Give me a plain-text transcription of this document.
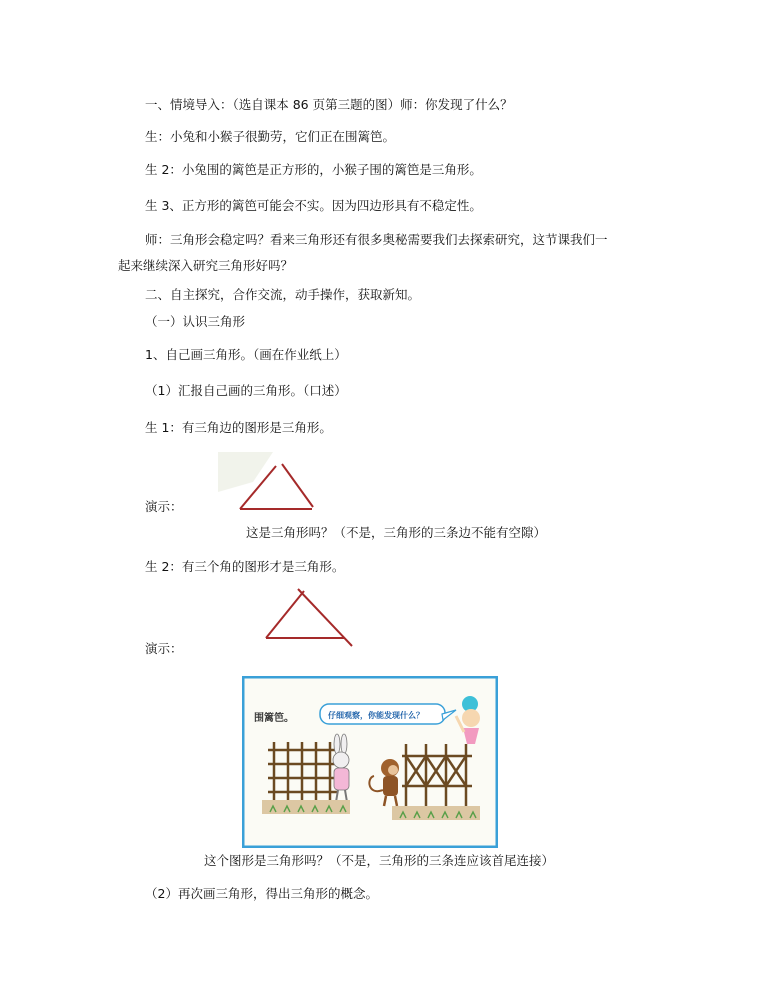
一、情境导入：（选自课本 86 页第三题的图）师：你发现了什么？
生：小兔和小猴子很勤劳，它们正在围篱笆。
生 2：小兔围的篱笆是正方形的，小猴子围的篱笆是三角形。
生 3、正方形的篱笆可能会不实。因为四边形具有不稳定性。
师：三角形会稳定吗？看来三角形还有很多奥秘需要我们去探索研究，这节课我们一
起来继续深入研究三角形好吗？
二、自主探究，合作交流，动手操作，获取新知。
（一）认识三角形
1、自己画三角形。（画在作业纸上）
（1）汇报自己画的三角形。（口述）
生 1：有三角边的图形是三角形。
演示：
这是三角形吗？（不是，三角形的三条边不能有空隙）
生 2：有三个角的图形才是三角形。
演示：
围篱笆。	仔细观察，你能发现什么？
这个图形是三角形吗？（不是，三角形的三条连应该首尾连接）
（2）再次画三角形，得出三角形的概念。
